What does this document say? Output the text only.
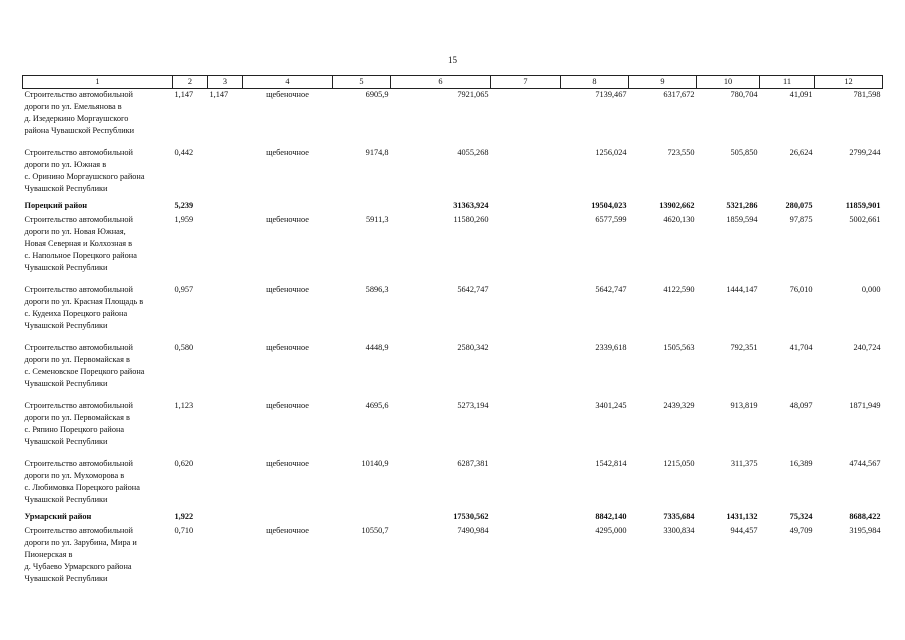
15
1	2	3	4	5	6	7	8	9	10	11	12

Строительство автомобильной
дороги по ул. Емельянова в
д. Изедеркино Моргаушского
района Чувашской Республики	1,147	1,147	щебеночное	6905,9	7921,065		7139,467	6317,672	780,704	41,091	781,598

Строительство автомобильной
дороги по ул. Южная в
с. Оринино Моргаушского района
Чувашской Республики	0,442		щебеночное	9174,8	4055,268		1256,024	723,550	505,850	26,624	2799,244

Порецкий район	5,239				31363,924		19504,023	13902,662	5321,286	280,075	11859,901

Строительство автомобильной
дороги по ул. Новая Южная,
Новая Северная и Колхозная в
с. Напольное Порецкого района
Чувашской Республики	1,959		щебеночное	5911,3	11580,260		6577,599	4620,130	1859,594	97,875	5002,661

Строительство автомобильной
дороги по ул. Красная Площадь в
с. Кудеиха Порецкого района
Чувашской Республики	0,957		щебеночное	5896,3	5642,747		5642,747	4122,590	1444,147	76,010	0,000

Строительство автомобильной
дороги по ул. Первомайская в
с. Семеновское Порецкого района
Чувашской Республики	0,580		щебеночное	4448,9	2580,342		2339,618	1505,563	792,351	41,704	240,724

Строительство автомобильной
дороги по ул. Первомайская в
с. Ряпино Порецкого района
Чувашской Республики	1,123		щебеночное	4695,6	5273,194		3401,245	2439,329	913,819	48,097	1871,949

Строительство автомобильной
дороги по ул. Мухоморова в
с. Любимовка Порецкого района
Чувашской Республики	0,620		щебеночное	10140,9	6287,381		1542,814	1215,050	311,375	16,389	4744,567

Урмарский район	1,922				17530,562		8842,140	7335,684	1431,132	75,324	8688,422

Строительство автомобильной
дороги по ул. Зарубина, Мира и
Пионерская в
д. Чубаево Урмарского района
Чувашской Республики	0,710		щебеночное	10550,7	7490,984		4295,000	3300,834	944,457	49,709	3195,984
